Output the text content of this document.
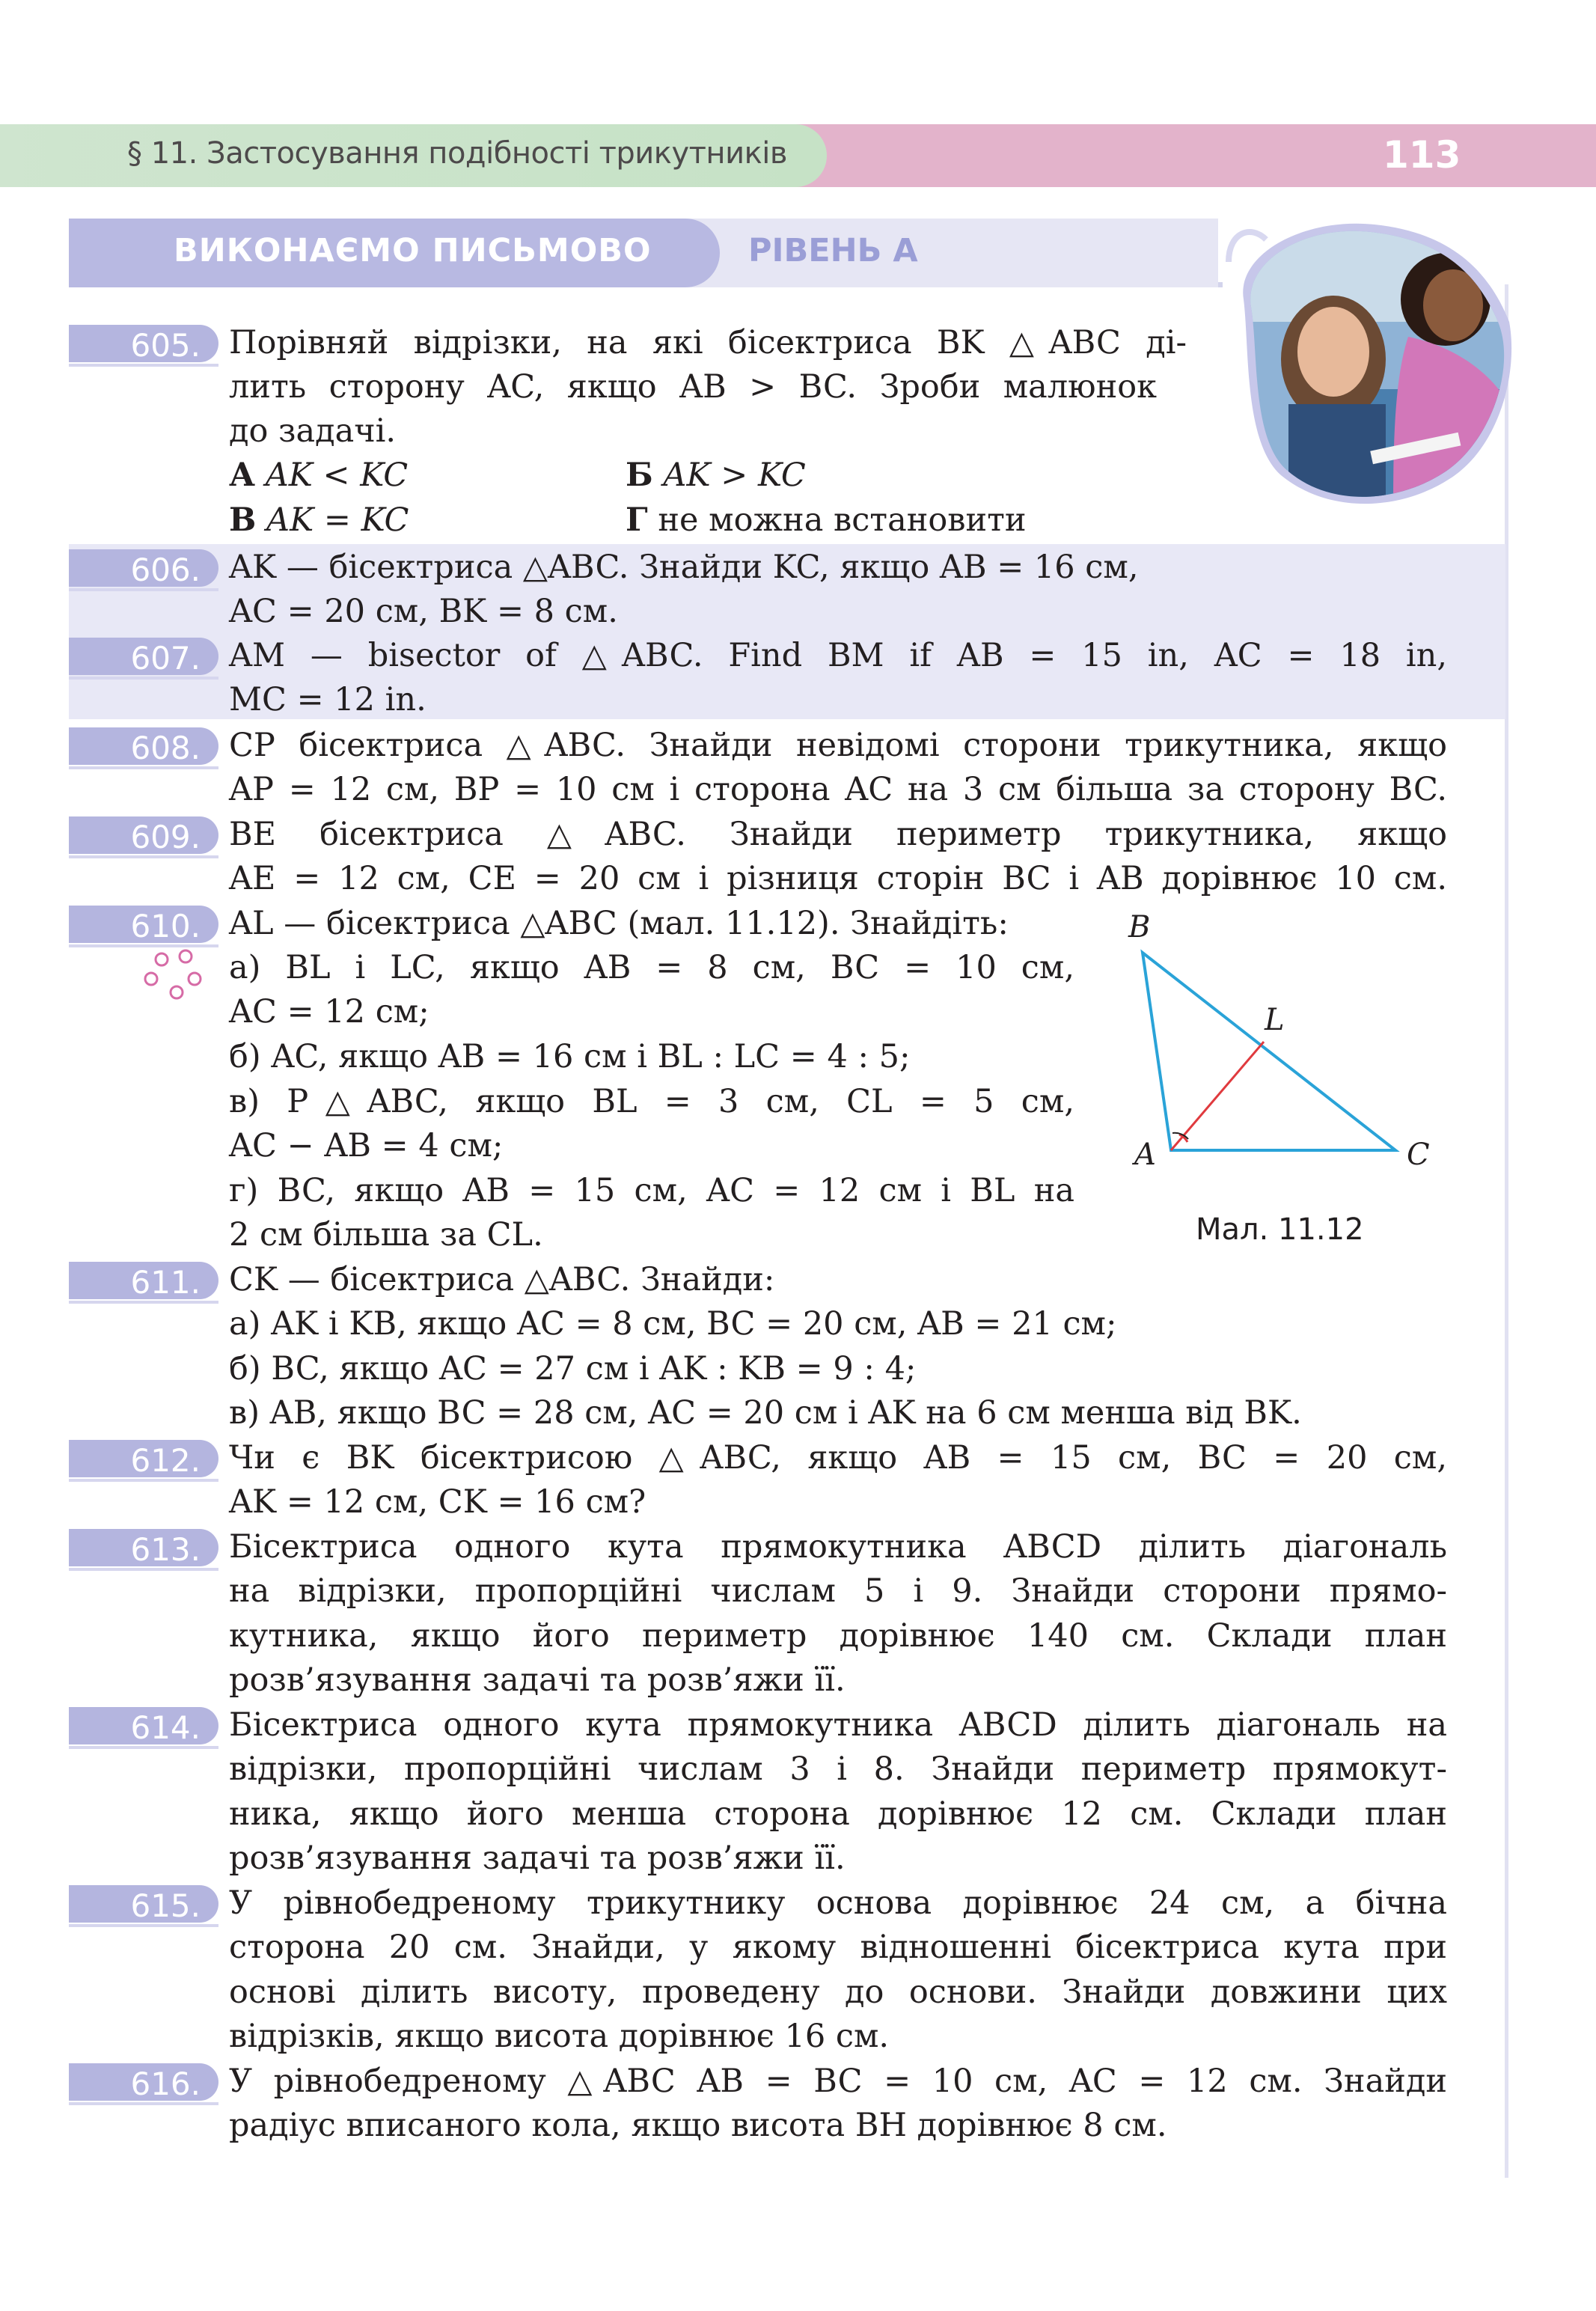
§ 11. Застосування подібності трикутників	113
ВИКОНАЄМО ПИСЬМОВО	РІВЕНЬ А
605.
606.
607.
608.
609.
610.
611.
612.
613.
614.
615.
616.
Порівняй відрізки, на які бісектриса BK △ABC ді-
лить сторону AC, якщо AB > BC. Зроби малюнок
до задачі.
А AK < KC	Б AK > KC
В AK = KC	Г не можна встановити
AK — бісектриса △ABC. Знайди KC, якщо AB = 16 см,
AC = 20 см, BK = 8 см.
AM — bisector of △ABC. Find BM if AB = 15 in, AC = 18 in,
MC = 12 in.
CP бісектриса △ABC. Знайди невідомі сторони трикутника, якщо
AP = 12 см, BP = 10 см і сторона AC на 3 см більша за сторону BC.
BE бісектриса △ABC. Знайди периметр трикутника, якщо
AE = 12 см, CE = 20 см і різниця сторін BC і AB дорівнює 10 см.
AL — бісектриса △ABC (мал. 11.12). Знайдіть:
а) BL і LC, якщо AB = 8 см, BC = 10 см,
AC = 12 см;
б) AC, якщо AB = 16 см і BL : LC = 4 : 5;
в) P△ABC, якщо BL = 3 см, CL = 5 см,
AC − AB = 4 см;
г) BC, якщо AB = 15 см, AC = 12 см і BL на
2 см більша за CL.
B
L
A	C
Мал. 11.12
CK — бісектриса △ABC. Знайди:
а) AK і KB, якщо AC = 8 см, BC = 20 см, AB = 21 см;
б) BC, якщо AC = 27 см і AK : KB = 9 : 4;
в) AB, якщо BC = 28 см, AC = 20 см і AK на 6 см менша від BK.
Чи є BK бісектрисою △ABC, якщо AB = 15 см, BC = 20 см,
AK = 12 см, CK = 16 см?
Бісектриса одного кута прямокутника ABCD ділить діагональ
на відрізки, пропорційні числам 5 і 9. Знайди сторони прямо-
кутника, якщо його периметр дорівнює 140 см. Склади план
розв’язування задачі та розв’яжи її.
Бісектриса одного кута прямокутника ABCD ділить діагональ на
відрізки, пропорційні числам 3 і 8. Знайди периметр прямокут-
ника, якщо його менша сторона дорівнює 12 см. Склади план
розв’язування задачі та розв’яжи її.
У рівнобедреному трикутнику основа дорівнює 24 см, а бічна
сторона 20 см. Знайди, у якому відношенні бісектриса кута при
основі ділить висоту, проведену до основи. Знайди довжини цих
відрізків, якщо висота дорівнює 16 см.
У рівнобедреному △ABC AB = BC = 10 см, AC = 12 см. Знайди
радіус вписаного кола, якщо висота BH дорівнює 8 см.
